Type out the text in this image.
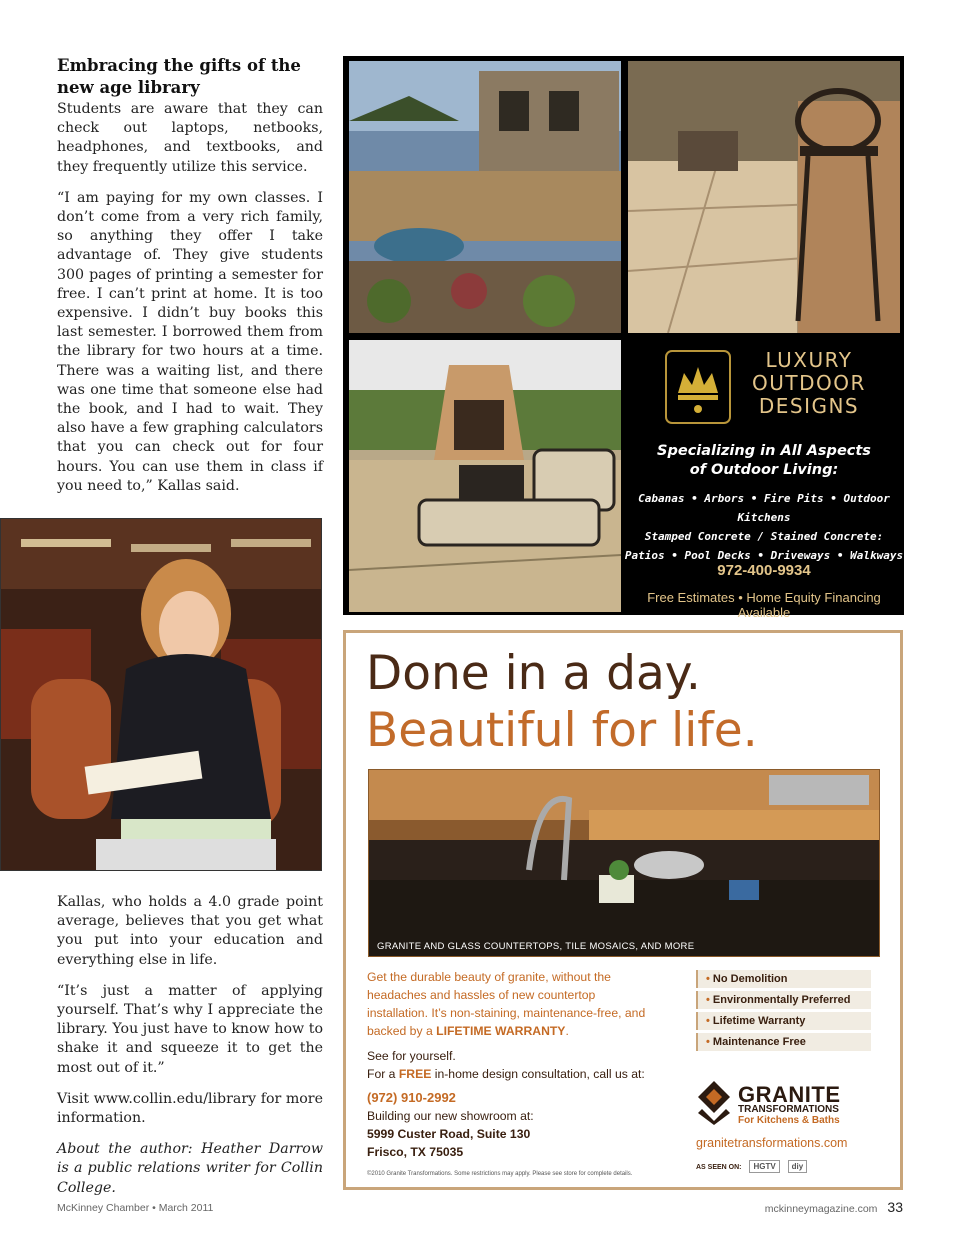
Embracing the gifts of the new age library

Students are aware that they can check out laptops, netbooks, headphones, and textbooks, and they frequently utilize this service.

“I am paying for my own classes. I don’t come from a very rich family, so anything they offer I take advantage of. They give students 300 pages of printing a semester for free. I can’t print at home. It is too expensive. I didn’t buy books this last semester. I borrowed them from the library for two hours at a time. There was a waiting list, and there was one time that someone else had the book, and I had to wait. They also have a few graphing calculators that you can check out for four hours. You can use them in class if you need to,” Kallas said.

Kallas, who holds a 4.0 grade point average, believes that you get what you put into your education and everything else in life.

“It’s just a matter of applying yourself. That’s why I appreciate the library. You just have to know how to shake it and squeeze it to get the most out of it.”

Visit www.collin.edu/library for more information.

About the author: Heather Darrow is a public relations writer for Collin College.

LUXURY
OUTDOOR
DESIGNS
Specializing in All Aspects
of Outdoor Living:
Cabanas • Arbors • Fire Pits • Outdoor Kitchens
Stamped Concrete / Stained Concrete:
Patios • Pool Decks • Driveways • Walkways
972-400-9934
Free Estimates • Home Equity Financing Available
Done in a day.
Beautiful for life.
GRANITE AND GLASS COUNTERTOPS, TILE MOSAICS, AND MORE
Get the durable beauty of granite, without the headaches and hassles of new countertop installation. It’s non-staining, maintenance-free, and backed by a LIFETIME WARRANTY.
See for yourself.
For a FREE in-home design consultation, call us at:
(972) 910-2992
Building our new showroom at:
5999 Custer Road, Suite 130
Frisco, TX 75035
• No Demolition
• Environmentally Preferred
• Lifetime Warranty
• Maintenance Free
GRANITE
TRANSFORMATIONS
For Kitchens & Baths
granitetransformations.com
AS SEEN ON: HGTV diy
©2010 Granite Transformations. Some restrictions may apply. Please see store for complete details.
McKinney Chamber • March 2011	mckinneymagazine.com 33
